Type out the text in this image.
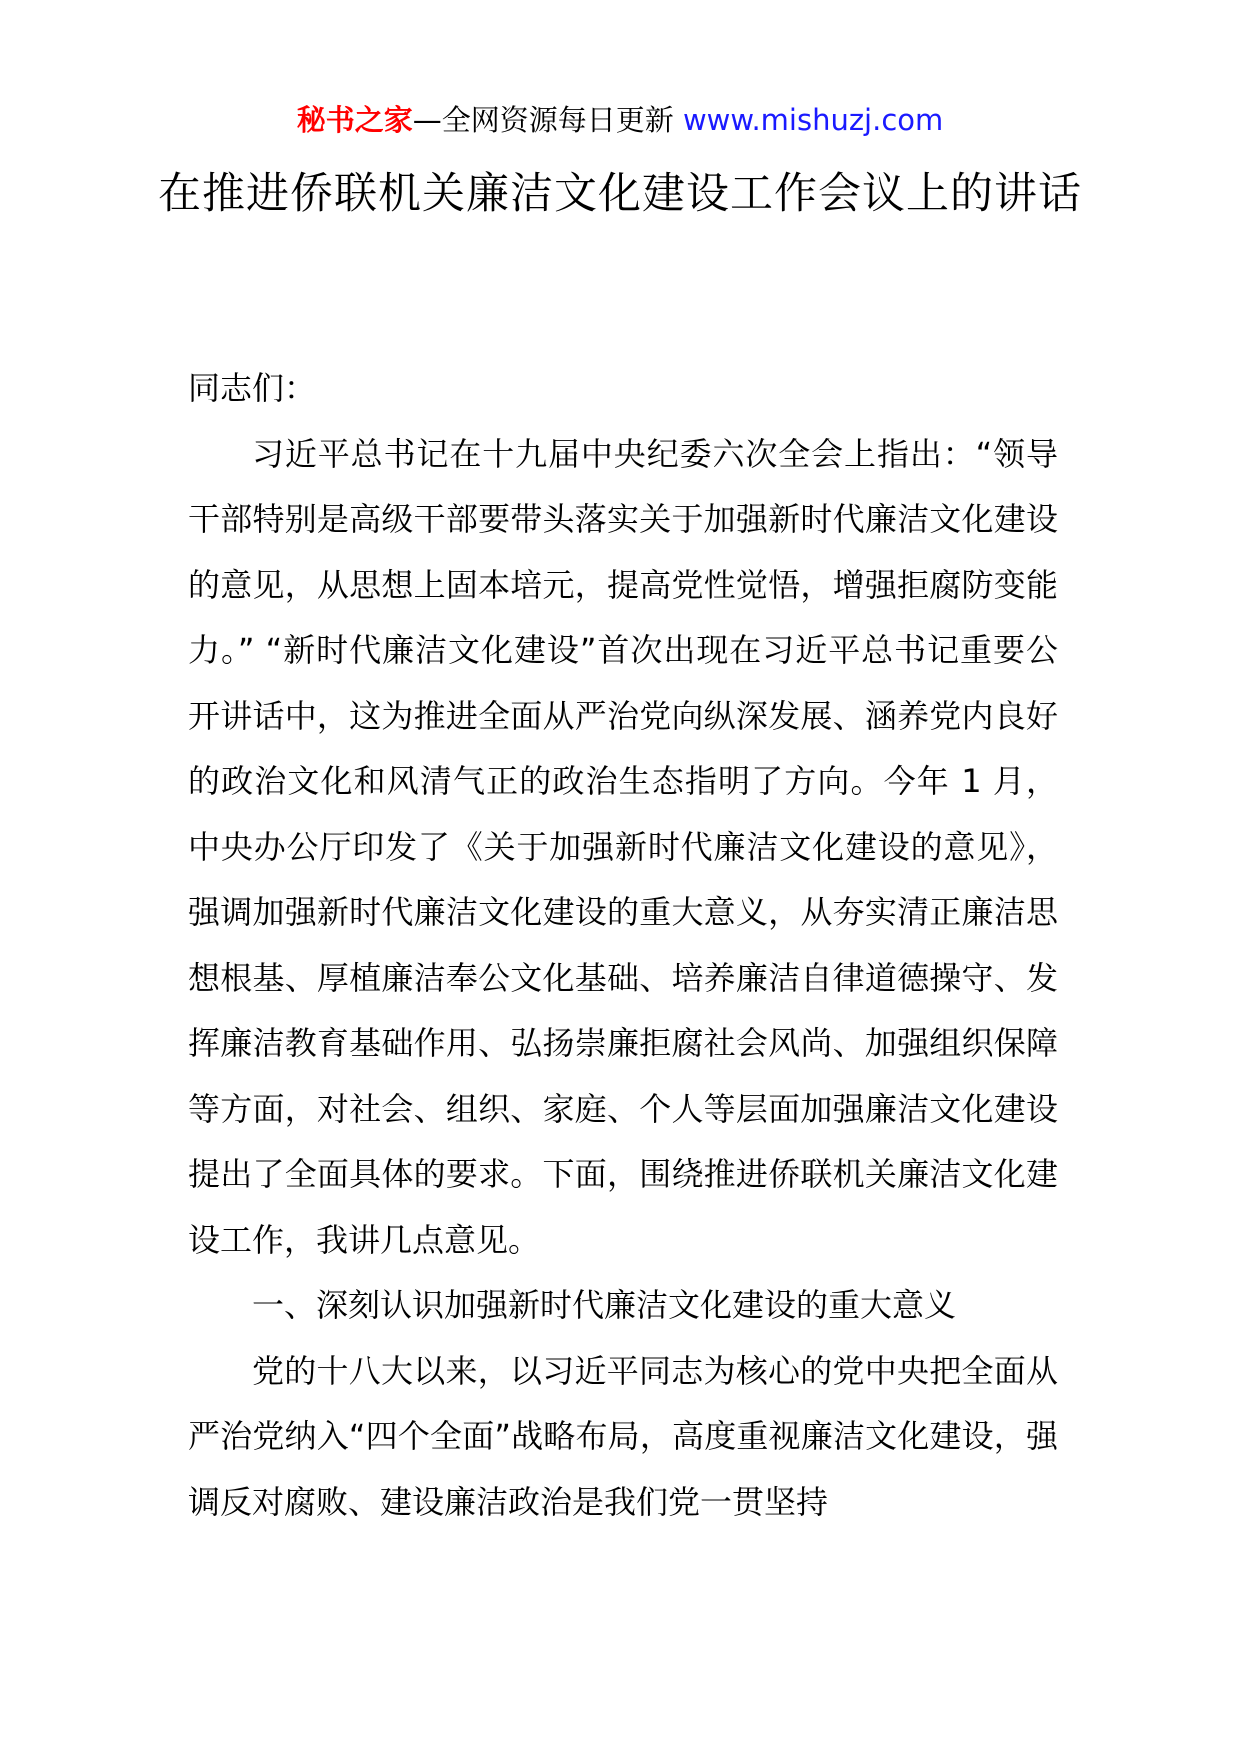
秘书之家—全网资源每日更新 www.mishuzj.com
在推进侨联机关廉洁文化建设工作会议上的讲话

同志们：

习近平总书记在十九届中央纪委六次全会上指出：“领导干部特别是高级干部要带头落实关于加强新时代廉洁文化建设的意见，从思想上固本培元，提高党性觉悟，增强拒腐防变能力。” “新时代廉洁文化建设”首次出现在习近平总书记重要公开讲话中，这为推进全面从严治党向纵深发展、涵养党内良好的政治文化和风清气正的政治生态指明了方向。今年 1 月，中央办公厅印发了《关于加强新时代廉洁文化建设的意见》，强调加强新时代廉洁文化建设的重大意义，从夯实清正廉洁思想根基、厚植廉洁奉公文化基础、培养廉洁自律道德操守、发挥廉洁教育基础作用、弘扬崇廉拒腐社会风尚、加强组织保障等方面，对社会、组织、家庭、个人等层面加强廉洁文化建设提出了全面具体的要求。下面，围绕推进侨联机关廉洁文化建设工作，我讲几点意见。

一、深刻认识加强新时代廉洁文化建设的重大意义

党的十八大以来，以习近平同志为核心的党中央把全面从严治党纳入“四个全面”战略布局，高度重视廉洁文化建设，强调反对腐败、建设廉洁政治是我们党一贯坚持
